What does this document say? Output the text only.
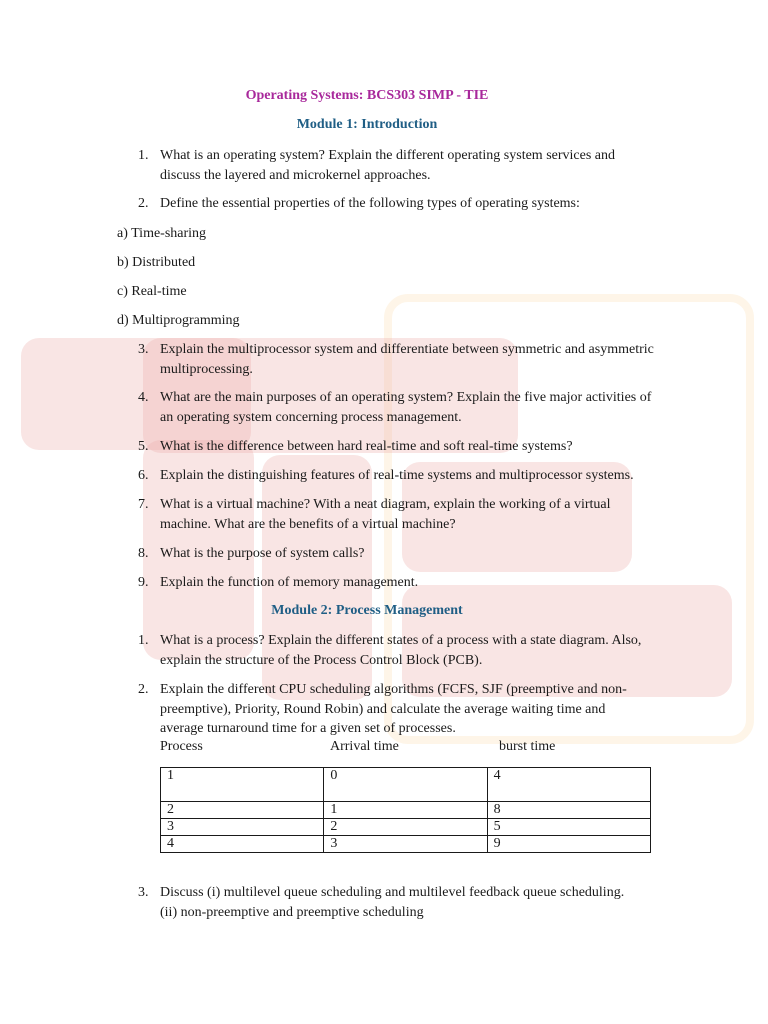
Operating Systems: BCS303 SIMP - TIE
Module 1: Introduction
1. What is an operating system? Explain the different operating system services and discuss the layered and microkernel approaches.
2. Define the essential properties of the following types of operating systems:
a) Time-sharing
b) Distributed
c) Real-time
d) Multiprogramming
3. Explain the multiprocessor system and differentiate between symmetric and asymmetric multiprocessing.
4. What are the main purposes of an operating system? Explain the five major activities of an operating system concerning process management.
5. What is the difference between hard real-time and soft real-time systems?
6. Explain the distinguishing features of real-time systems and multiprocessor systems.
7. What is a virtual machine? With a neat diagram, explain the working of a virtual machine. What are the benefits of a virtual machine?
8. What is the purpose of system calls?
9. Explain the function of memory management.
Module 2: Process Management
1. What is a process? Explain the different states of a process with a state diagram. Also, explain the structure of the Process Control Block (PCB).
2. Explain the different CPU scheduling algorithms (FCFS, SJF (preemptive and non-preemptive), Priority, Round Robin) and calculate the average waiting time and average turnaround time for a given set of processes.
Process	Arrival time	burst time
1	0	4
2	1	8
3	2	5
4	3	9
3. Discuss (i) multilevel queue scheduling and multilevel feedback queue scheduling.
(ii) non-preemptive and preemptive scheduling
